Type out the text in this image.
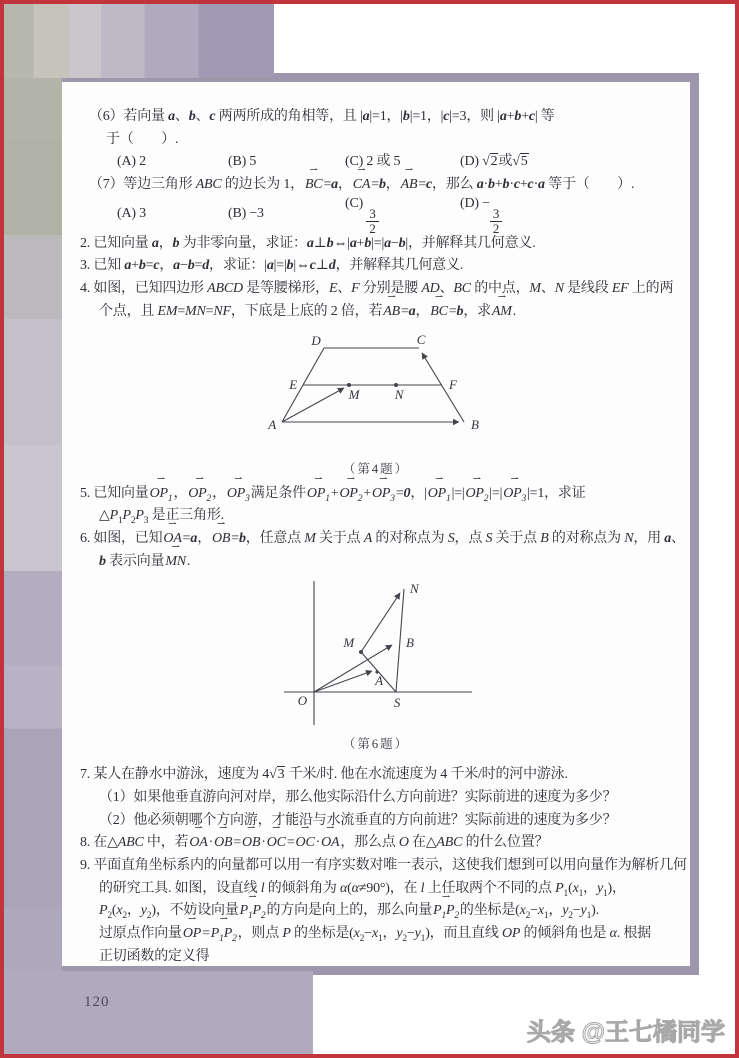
（6）若向量 a、b、c 两两所成的角相等，且 |a|=1，|b|=1，|c|=3，则 |a+b+c| 等
于（　　）.
(A) 2	(B) 5	(C) 2 或 5	(D) √2或√5
（7）等边三角形 ABC 的边长为 1，BC ⇀=a，CA ⇀=b，AB ⇀=c，那么 a·b+b·c+c·a 等于（　　）.
(A) 3	(B) −3
(C)
$\frac{3}{2}$
(D) −
$\frac{3}{2}$
2. 已知向量 a，b 为非零向量，求证：a⊥b⇔|a+b|=|a−b|，并解释其几何意义.
3. 已知 a+b=c，a−b=d，求证：|a|=|b|⇔c⊥d，并解释其几何意义.
4. 如图，已知四边形 ABCD 是等腰梯形，E、F 分别是腰 AD、BC 的中点，M、N 是线段 EF 上的两
个点，且 EM=MN=NF，下底是上底的 2 倍，若AB ⇀=a，BC ⇀=b，求AM ⇀.
D	C
E	F
A	B
M	N
（第4题）
5. 已知向量$OP_1$ ⇀，$OP_2$ ⇀，$OP_3$ ⇀满足条件$OP_1$ $⇀+OP_2$ $⇀+OP_3$ ⇀=0，$|OP_1$ $⇀|=|OP_2$ $⇀|=|OP_3$ ⇀|=1，求证
$\triangle P_1P_2P_3$ 是正三角形.
6. 如图，已知OA ⇀=a，OB ⇀=b，任意点 M 关于点 A 的对称点为 S，点 S 关于点 B 的对称点为 N，用 a、
b 表示向量MN ⇀.
O	S
N
B
M
A
（第6题）
7. 某人在静水中游泳，速度为 4√3 千米/时. 他在水流速度为 4 千米/时的河中游泳.
（1）如果他垂直游向河对岸，那么他实际沿什么方向前进？实际前进的速度为多少？
（2）他必须朝哪个方向游，才能沿与水流垂直的方向前进？实际前进的速度为多少？
8. 在△ABC 中，若OA ⇀·OB ⇀=OB ⇀·OC ⇀=OC ⇀·OA ⇀，那么点 O 在△ABC 的什么位置？
9. 平面直角坐标系内的向量都可以用一有序实数对唯一表示，这使我们想到可以用向量作为解析几何
的研究工具. 如图，设直线 l 的倾斜角为 α(α≠90°)，在 l 上任取两个不同的点 $P_1(x_1$，$y_1$)，
$P_2(x_2$，$y_2$)，不妨设向量$P_1P_2$ ⇀的方向是向上的，那么向量$P_1P_2$ ⇀的坐标是($x_2-x_1$，$y_2-y_1$).
过原点作向量OP $⇀=P_1P_2$ ⇀，则点 P 的坐标是($x_2-x_1$，$y_2-y_1$)，而且直线 OP 的倾斜角也是 α. 根据
正切函数的定义得
120
头条 @王七橘同学
